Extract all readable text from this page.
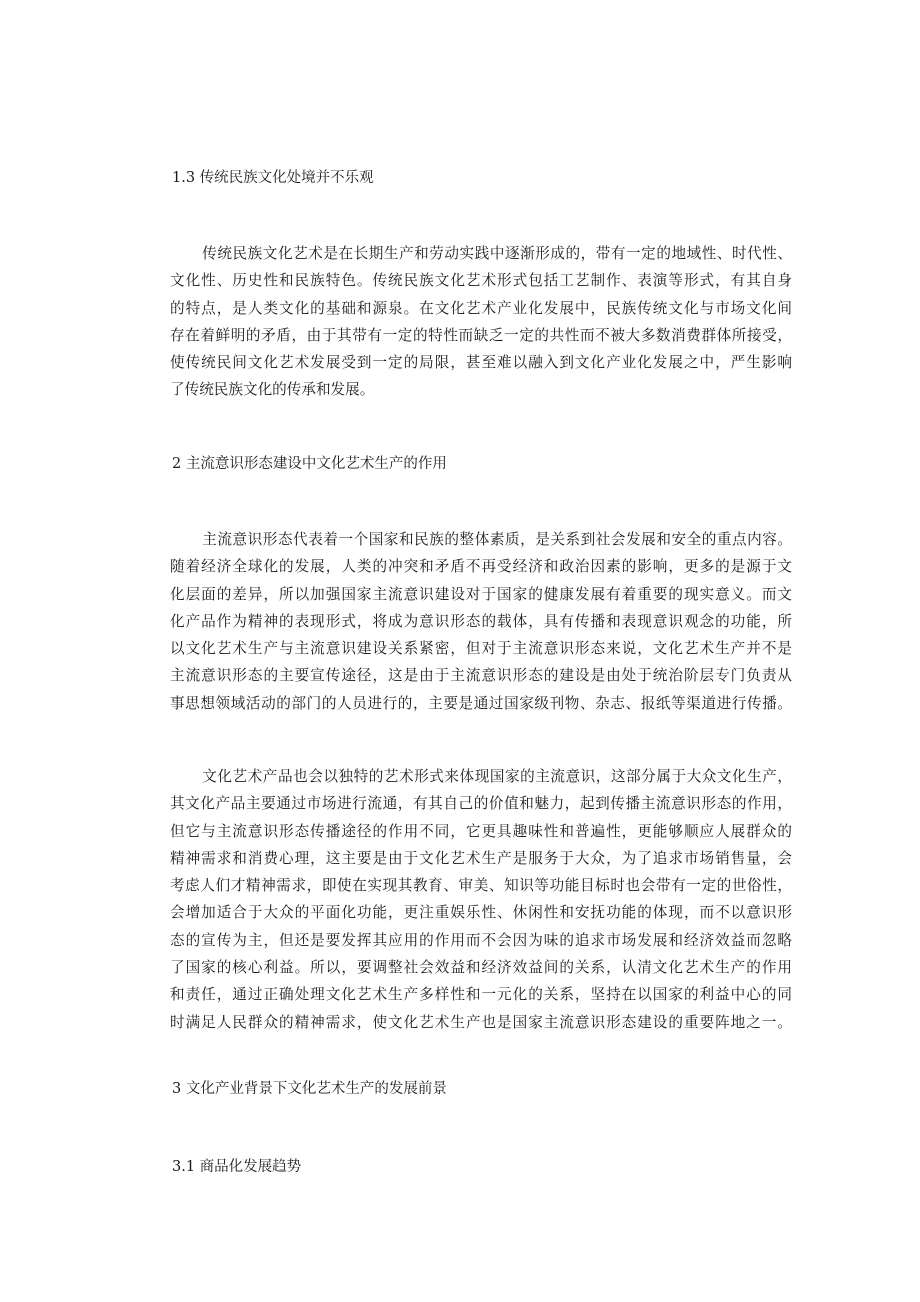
1.3 传统民族文化处境并不乐观
　　传统民族文化艺术是在长期生产和劳动实践中逐渐形成的，带有一定的地域性、时代性、
文化性、历史性和民族特色。传统民族文化艺术形式包括工艺制作、表演等形式，有其自身
的特点，是人类文化的基础和源泉。在文化艺术产业化发展中，民族传统文化与市场文化间
存在着鲜明的矛盾，由于其带有一定的特性而缺乏一定的共性而不被大多数消费群体所接受，
使传统民间文化艺术发展受到一定的局限，甚至难以融入到文化产业化发展之中，严生影响
了传统民族文化的传承和发展。
2 主流意识形态建设中文化艺术生产的作用
　　主流意识形态代表着一个国家和民族的整体素质，是关系到社会发展和安全的重点内容。
随着经济全球化的发展，人类的冲突和矛盾不再受经济和政治因素的影响，更多的是源于文
化层面的差异，所以加强国家主流意识建设对于国家的健康发展有着重要的现实意义。而文
化产品作为精神的表现形式，将成为意识形态的载体，具有传播和表现意识观念的功能，所
以文化艺术生产与主流意识建设关系紧密，但对于主流意识形态来说，文化艺术生产并不是
主流意识形态的主要宣传途径，这是由于主流意识形态的建设是由处于统治阶层专门负责从
事思想领域活动的部门的人员进行的，主要是通过国家级刊物、杂志、报纸等渠道进行传播。
　　文化艺术产品也会以独特的艺术形式来体现国家的主流意识，这部分属于大众文化生产，
其文化产品主要通过市场进行流通，有其自己的价值和魅力，起到传播主流意识形态的作用，
但它与主流意识形态传播途径的作用不同，它更具趣味性和普遍性，更能够顺应人展群众的
精神需求和消费心理，这主要是由于文化艺术生产是服务于大众，为了追求市场销售量，会
考虑人们才精神需求，即使在实现其教育、审美、知识等功能目标时也会带有一定的世俗性，
会增加适合于大众的平面化功能，更注重娱乐性、休闲性和安抚功能的体现，而不以意识形
态的宣传为主，但还是要发挥其应用的作用而不会因为味的追求市场发展和经济效益而忽略
了国家的核心利益。所以，要调整社会效益和经济效益间的关系，认清文化艺术生产的作用
和责任，通过正确处理文化艺术生产多样性和一元化的关系，坚持在以国家的利益中心的同
时满足人民群众的精神需求，使文化艺术生产也是国家主流意识形态建设的重要阵地之一。
3 文化产业背景下文化艺术生产的发展前景
3.1 商品化发展趋势
